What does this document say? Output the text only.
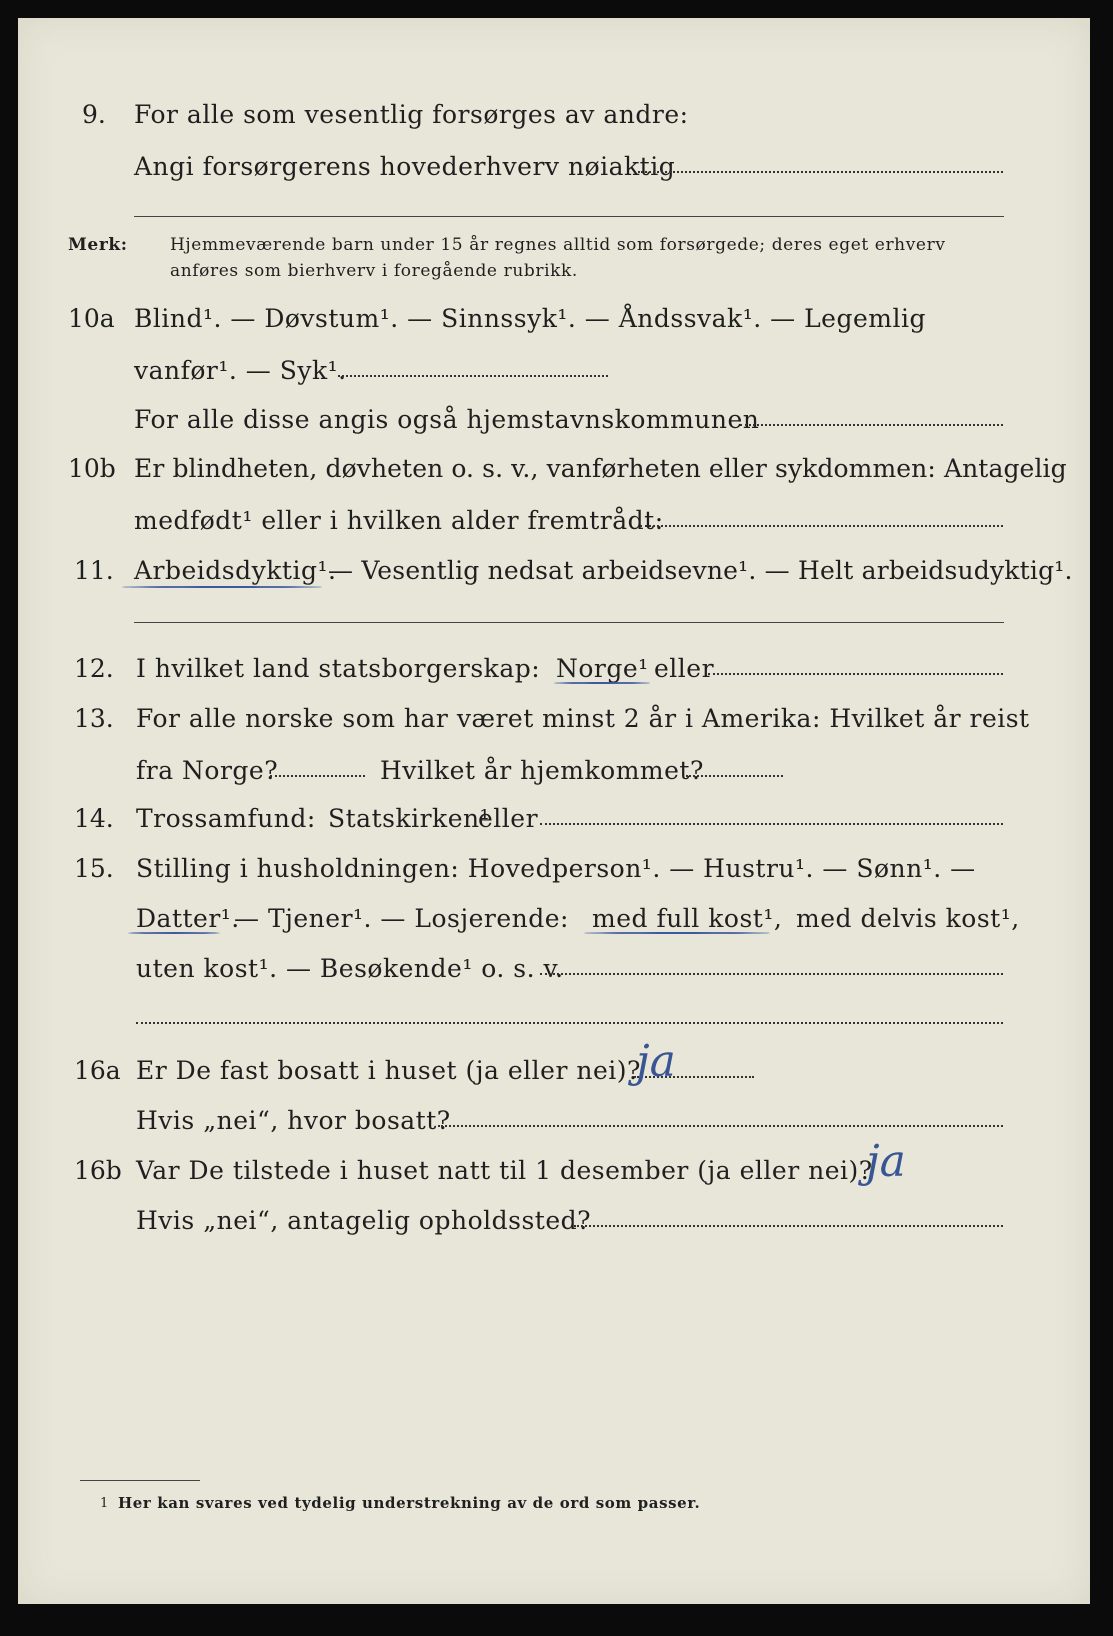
9. For alle som vesentlig forsørges av andre:
Angi forsørgerens hovederhverv nøiaktig
Merk: Hjemmeværende barn under 15 år regnes alltid som forsørgede; deres eget erhverv
anføres som bierhverv i foregående rubrikk.
10a Blind¹. — Døvstum¹. — Sinnssyk¹. — Åndssvak¹. — Legemlig
vanfør¹. — Syk¹.
For alle disse angis også hjemstavnskommunen
10b Er blindheten, døvheten o. s. v., vanførheten eller sykdommen: Antagelig
medfødt¹ eller i hvilken alder fremtrådt:
11. Arbeidsdyktig¹.
— Vesentlig nedsat arbeidsevne¹. — Helt arbeidsudyktig¹.
12. I hvilket land statsborgerskap: Norge¹ eller
13. For alle norske som har været minst 2 år i Amerika: Hvilket år reist
fra Norge?	Hvilket år hjemkommet?
14. Trossamfund: Statskirken¹
eller
15. Stilling i husholdningen: Hovedperson¹. — Hustru¹. — Sønn¹. —
Datter¹.
— Tjener¹. — Losjerende: med full kost¹, med delvis kost¹,
uten kost¹. — Besøkende¹ o. s. v.
16a Er De fast bosatt i huset (ja eller nei)?
ja
Hvis „nei“, hvor bosatt?
16b Var De tilstede i huset natt til 1 desember (ja eller nei)?
ja
Hvis „nei“, antagelig opholdssted?
1 Her kan svares ved tydelig understrekning av de ord som passer.
